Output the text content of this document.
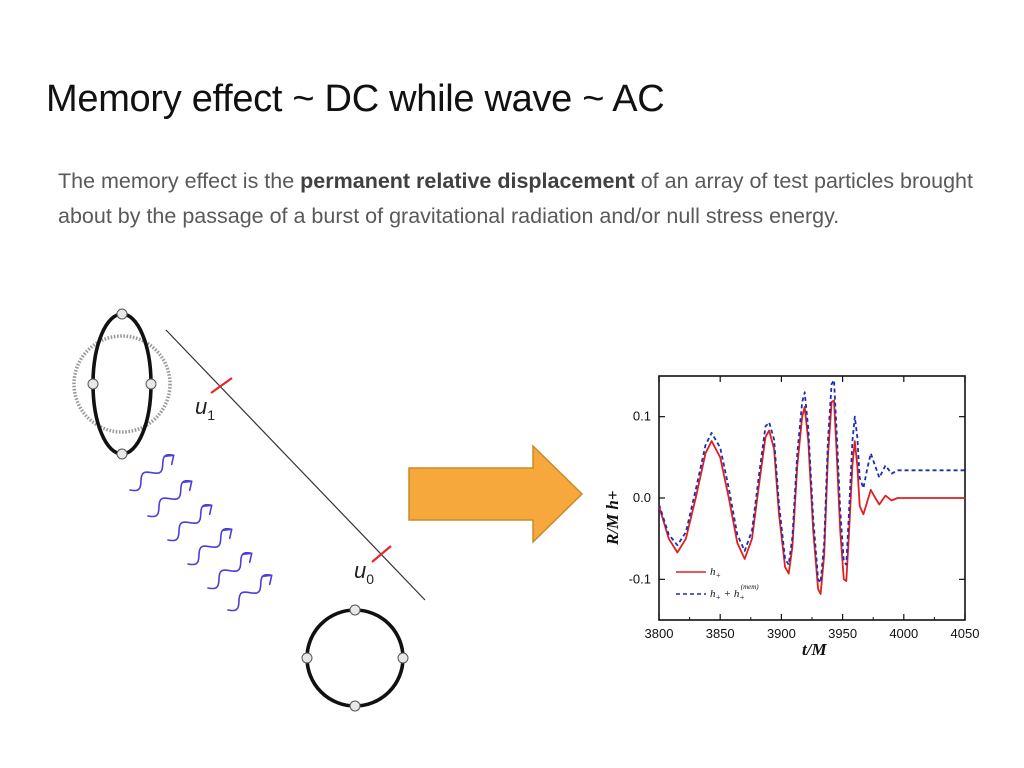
Memory effect ~ DC while wave ~ AC

The memory effect is the permanent relative displacement of an array of test particles brought about by the passage of a burst of gravitational radiation and/or null stress energy.

$u_1$
$u_0$
3800 3850 3900 3950 4000 4050
-0.1
0.0
0.1
t/M
R/M h+
$h_+$
$h_+ + h_+(mem)$
